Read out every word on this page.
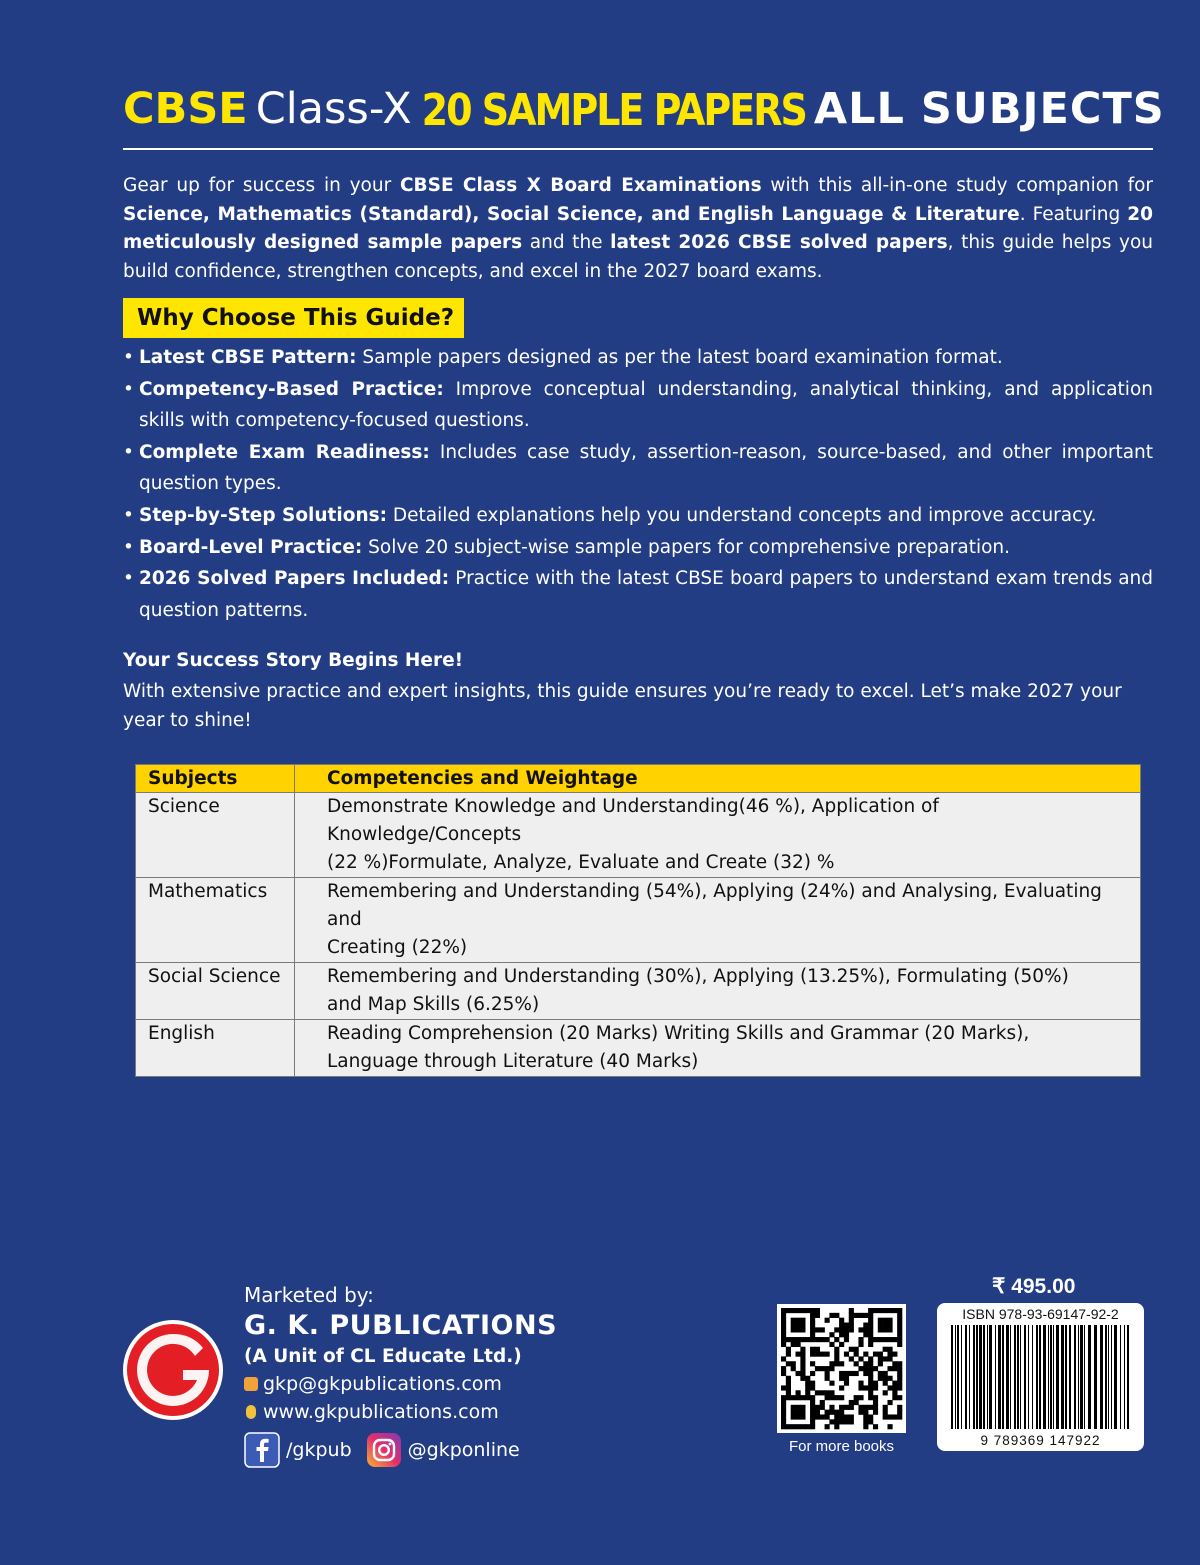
CBSE Class-X 20 SAMPLE PAPERS ALL SUBJECTS
Gear up for success in your CBSE Class X Board Examinations with this all-in-one study companion for Science, Mathematics (Standard), Social Science, and English Language & Literature. Featuring 20 meticulously designed sample papers and the latest 2026 CBSE solved papers, this guide helps you build confidence, strengthen concepts, and excel in the 2027 board exams.
Why Choose This Guide?
• Latest CBSE Pattern: Sample papers designed as per the latest board examination format.
• Competency-Based Practice: Improve conceptual understanding, analytical thinking, and application skills with competency-focused questions.
• Complete Exam Readiness: Includes case study, assertion-reason, source-based, and other important question types.
• Step-by-Step Solutions: Detailed explanations help you understand concepts and improve accuracy.
• Board-Level Practice: Solve 20 subject-wise sample papers for comprehensive preparation.
• 2026 Solved Papers Included: Practice with the latest CBSE board papers to understand exam trends and question patterns.
Your Success Story Begins Here!
With extensive practice and expert insights, this guide ensures you’re ready to excel. Let’s make 2027 your year to shine!
Subjects	Competencies and Weightage
Science	Demonstrate Knowledge and Understanding(46 %), Application of Knowledge/Concepts
(22 %)Formulate, Analyze, Evaluate and Create (32) %

Mathematics	Remembering and Understanding (54%), Applying (24%) and Analysing, Evaluating and
Creating (22%)

Social Science	Remembering and Understanding (30%), Applying (13.25%), Formulating (50%)
and Map Skills (6.25%)

English	Reading Comprehension (20 Marks) Writing Skills and Grammar (20 Marks),
Language through Literature (40 Marks)
G
K
P
Marketed by:
G. K. PUBLICATIONS
(A Unit of CL Educate Ltd.)
gkp@gkpublications.com
www.gkpublications.com
/gkpub	@gkponline	For more books
₹ 495.00
ISBN 978-93-69147-92-2
9 789369 147922
